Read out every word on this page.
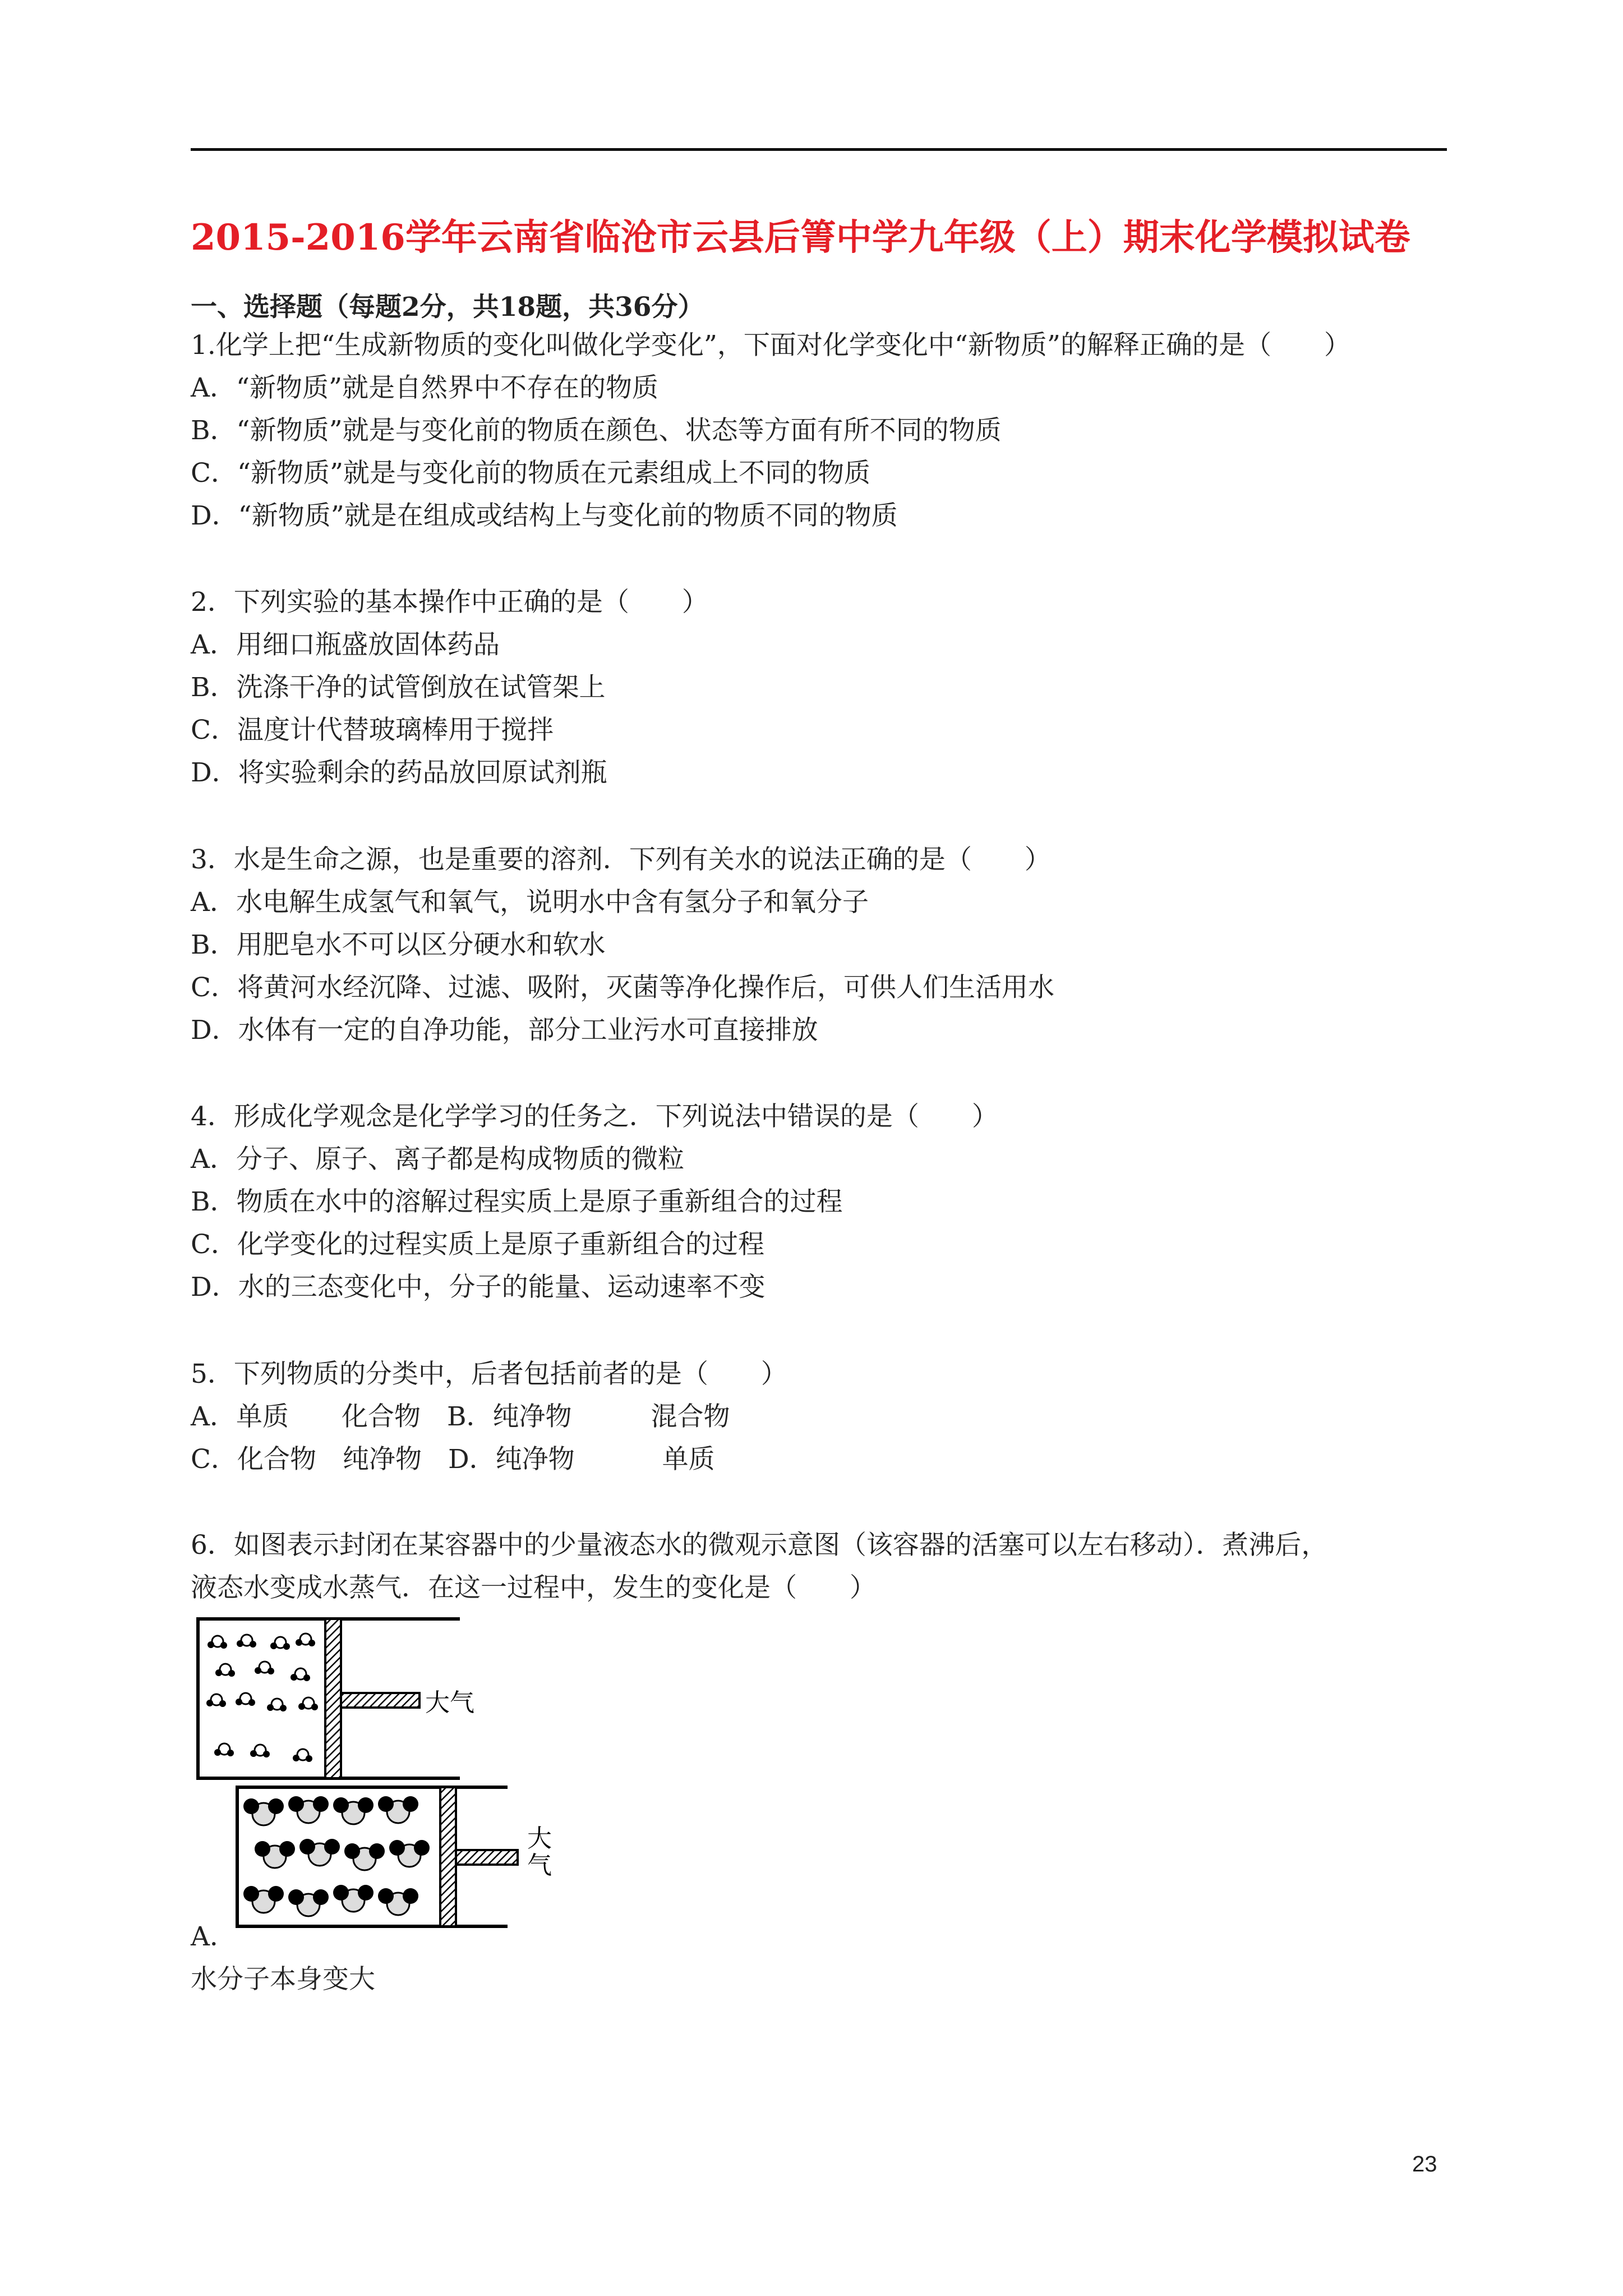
2015-2016学年云南省临沧市云县后箐中学九年级（上）期末化学模拟试卷

一、选择题（每题2分，共18题，共36分）

1.化学上把“生成新物质的变化叫做化学变化”，下面对化学变化中“新物质”的解释正确的是（　　）

A．“新物质”就是自然界中不存在的物质

B．“新物质”就是与变化前的物质在颜色、状态等方面有所不同的物质

C．“新物质”就是与变化前的物质在元素组成上不同的物质

D．“新物质”就是在组成或结构上与变化前的物质不同的物质

2．下列实验的基本操作中正确的是（　　）

A．用细口瓶盛放固体药品

B．洗涤干净的试管倒放在试管架上

C．温度计代替玻璃棒用于搅拌

D．将实验剩余的药品放回原试剂瓶

3．水是生命之源，也是重要的溶剂．下列有关水的说法正确的是（　　）

A．水电解生成氢气和氧气，说明水中含有氢分子和氧分子

B．用肥皂水不可以区分硬水和软水

C．将黄河水经沉降、过滤、吸附，灭菌等净化操作后，可供人们生活用水

D．水体有一定的自净功能，部分工业污水可直接排放

4．形成化学观念是化学学习的任务之．下列说法中错误的是（　　）

A．分子、原子、离子都是构成物质的微粒

B．物质在水中的溶解过程实质上是原子重新组合的过程

C．化学变化的过程实质上是原子重新组合的过程

D．水的三态变化中，分子的能量、运动速率不变

5．下列物质的分类中，后者包括前者的是（　　）

A．单质　　化合物　B．纯净物　　　混合物

C．化合物　纯净物　D．纯净物　　　 单质

6．如图表示封闭在某容器中的少量液态水的微观示意图（该容器的活塞可以左右移动）．煮沸后，

液态水变成水蒸气．在这一过程中，发生的变化是（　　）

大气
大
气

A．

水分子本身变大

23
